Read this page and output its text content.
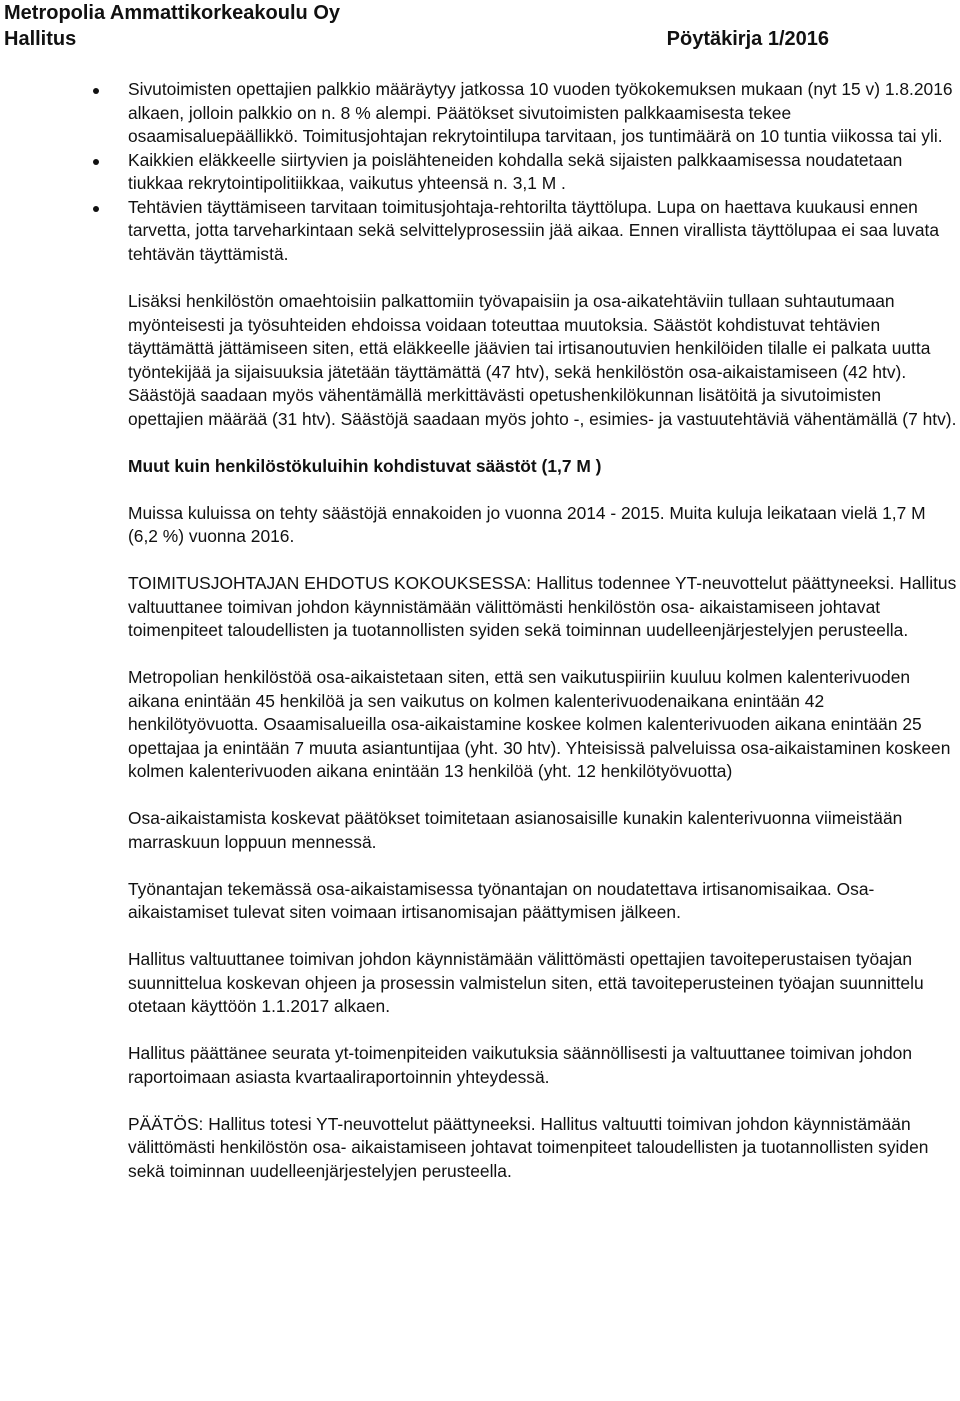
Metropolia Ammattikorkeakoulu Oy
Hallitus	Pöytäkirja 1/2016
Sivutoimisten opettajien palkkio määräytyy jatkossa 10 vuoden työkokemuksen mukaan (nyt 15 v) 1.8.2016 alkaen, jolloin palkkio on n. 8 % alempi. Päätökset sivutoimisten palkkaamisesta tekee osaamisaluepäällikkö. Toimitusjohtajan rekrytointilupa tarvitaan, jos tuntimäärä on 10 tuntia viikossa tai yli.
Kaikkien eläkkeelle siirtyvien ja poislähteneiden kohdalla sekä sijaisten palkkaamisessa noudatetaan tiukkaa rekrytointipolitiikkaa, vaikutus yhteensä n. 3,1 M .
Tehtävien täyttämiseen tarvitaan toimitusjohtaja-rehtorilta täyttölupa. Lupa on haettava kuukausi ennen tarvetta, jotta tarveharkintaan sekä selvittelyprosessiin jää aikaa. Ennen virallista täyttölupaa ei saa luvata tehtävän täyttämistä.

Lisäksi henkilöstön omaehtoisiin palkattomiin työvapaisiin ja osa-aikatehtäviin tullaan suhtautumaan myönteisesti ja työsuhteiden ehdoissa voidaan toteuttaa muutoksia. Säästöt kohdistuvat tehtävien täyttämättä jättämiseen siten, että eläkkeelle jäävien tai irtisanoutuvien henkilöiden tilalle ei palkata uutta työntekijää ja sijaisuuksia jätetään täyttämättä (47 htv), sekä henkilöstön osa-aikaistamiseen (42 htv). Säästöjä saadaan myös vähentämällä merkittävästi opetushenkilökunnan lisätöitä ja sivutoimisten opettajien määrää (31 htv). Säästöjä saadaan myös johto -, esimies- ja vastuutehtäviä vähentämällä (7 htv).

Muut kuin henkilöstökuluihin kohdistuvat säästöt (1,7 M )

Muissa kuluissa on tehty säästöjä ennakoiden jo vuonna 2014 - 2015. Muita kuluja leikataan vielä 1,7 M (6,2 %) vuonna 2016.

TOIMITUSJOHTAJAN EHDOTUS KOKOUKSESSA: Hallitus todennee YT-neuvottelut päättyneeksi. Hallitus valtuuttanee toimivan johdon käynnistämään välittömästi henkilöstön osa- aikaistamiseen johtavat toimenpiteet taloudellisten ja tuotannollisten syiden sekä toiminnan uudelleenjärjestelyjen perusteella.

Metropolian henkilöstöä osa-aikaistetaan siten, että sen vaikutuspiiriin kuuluu kolmen kalenterivuoden aikana enintään 45 henkilöä ja sen vaikutus on kolmen kalenterivuodenaikana enintään 42 henkilötyövuotta. Osaamisalueilla osa-aikaistamine koskee kolmen kalenterivuoden aikana enintään 25 opettajaa ja enintään 7 muuta asiantuntijaa (yht. 30 htv). Yhteisissä palveluissa osa-aikaistaminen koskeen kolmen kalenterivuoden aikana enintään 13 henkilöä (yht. 12 henkilötyövuotta)

Osa-aikaistamista koskevat päätökset toimitetaan asianosaisille kunakin kalenterivuonna viimeistään marraskuun loppuun mennessä.

Työnantajan tekemässä osa-aikaistamisessa työnantajan on noudatettava irtisanomisaikaa. Osa-aikaistamiset tulevat siten voimaan irtisanomisajan päättymisen jälkeen.

Hallitus valtuuttanee toimivan johdon käynnistämään välittömästi opettajien tavoiteperustaisen työajan suunnittelua koskevan ohjeen ja prosessin valmistelun siten, että tavoiteperusteinen työajan suunnittelu otetaan käyttöön 1.1.2017 alkaen.

Hallitus päättänee seurata yt-toimenpiteiden vaikutuksia säännöllisesti ja valtuuttanee toimivan johdon raportoimaan asiasta kvartaaliraportoinnin yhteydessä.

PÄÄTÖS: Hallitus totesi YT-neuvottelut päättyneeksi. Hallitus valtuutti toimivan johdon käynnistämään välittömästi henkilöstön osa- aikaistamiseen johtavat toimenpiteet taloudellisten ja tuotannollisten syiden sekä toiminnan uudelleenjärjestelyjen perusteella.
